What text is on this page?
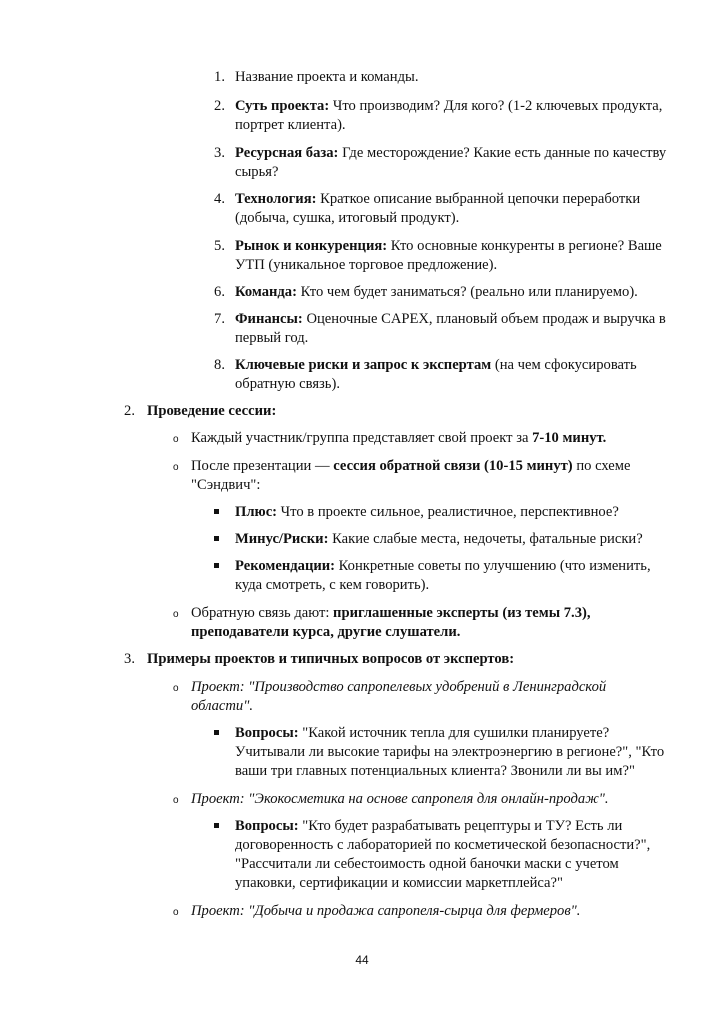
1. Название проекта и команды.
2. Суть проекта: Что производим? Для кого? (1-2 ключевых продукта,
портрет клиента).
3. Ресурсная база: Где месторождение? Какие есть данные по качеству
сырья?
4. Технология: Краткое описание выбранной цепочки переработки
(добыча, сушка, итоговый продукт).
5. Рынок и конкуренция: Кто основные конкуренты в регионе? Ваше
УТП (уникальное торговое предложение).
6. Команда: Кто чем будет заниматься? (реально или планируемо).
7. Финансы: Оценочные CAPEX, плановый объем продаж и выручка в
первый год.
8. Ключевые риски и запрос к экспертам (на чем сфокусировать
обратную связь).
2. Проведение сессии:
o Каждый участник/группа представляет свой проект за 7-10 минут.
o После презентации — сессия обратной связи (10-15 минут) по схеме
"Сэндвич":
Плюс: Что в проекте сильное, реалистичное, перспективное?
Минус/Риски: Какие слабые места, недочеты, фатальные риски?
Рекомендации: Конкретные советы по улучшению (что изменить,
куда смотреть, с кем говорить).
o Обратную связь дают: приглашенные эксперты (из темы 7.3),
преподаватели курса, другие слушатели.
3. Примеры проектов и типичных вопросов от экспертов:
o Проект: "Производство сапропелевых удобрений в Ленинградской
области".
Вопросы: "Какой источник тепла для сушилки планируете?
Учитывали ли высокие тарифы на электроэнергию в регионе?", "Кто
ваши три главных потенциальных клиента? Звонили ли вы им?"
o Проект: "Экокосметика на основе сапропеля для онлайн-продаж".
Вопросы: "Кто будет разрабатывать рецептуры и ТУ? Есть ли
договоренность с лабораторией по косметической безопасности?",
"Рассчитали ли себестоимость одной баночки маски с учетом
упаковки, сертификации и комиссии маркетплейса?"
o Проект: "Добыча и продажа сапропеля-сырца для фермеров".
44
